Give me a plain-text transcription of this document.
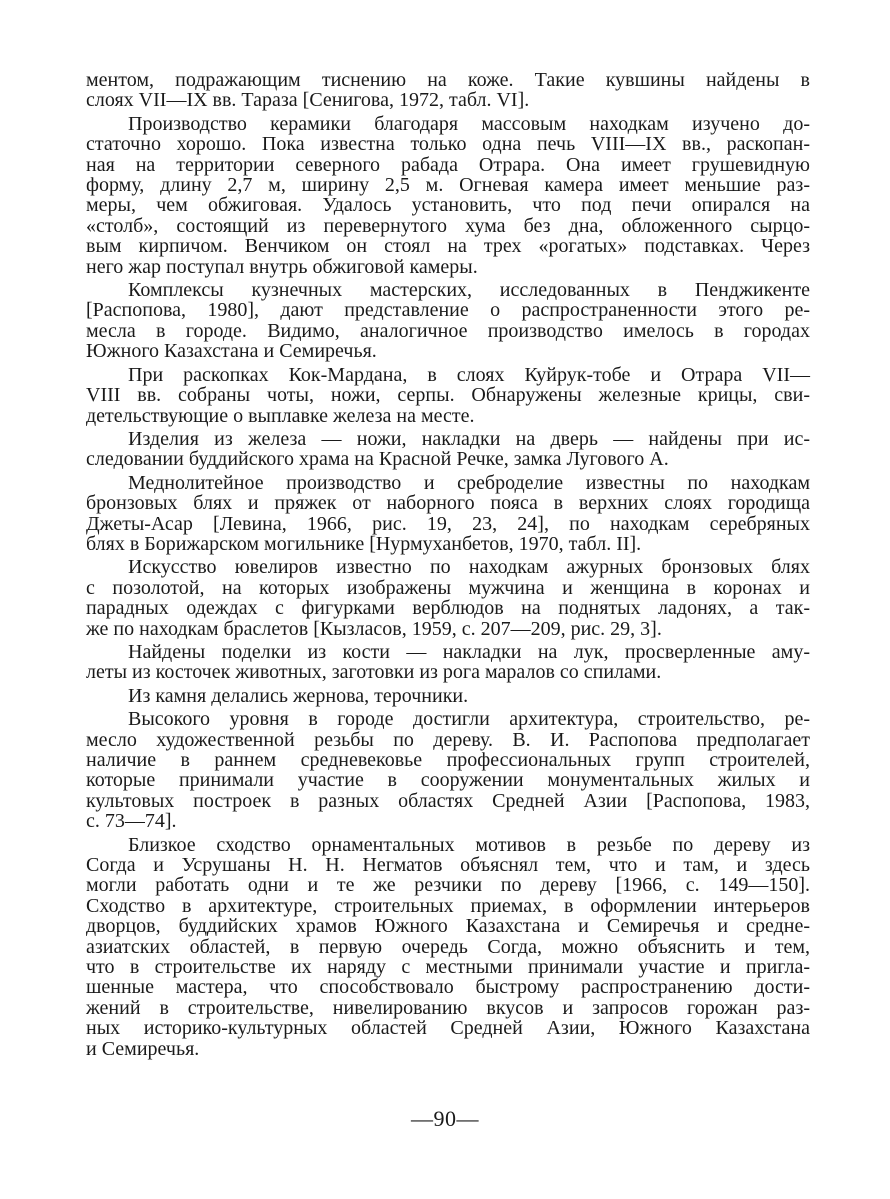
ментом, подражающим тиснению на коже. Такие кувшины найдены в
слоях VII—IX вв. Тараза [Сенигова, 1972, табл. VI].
Производство керамики благодаря массовым находкам изучено до-
статочно хорошо. Пока известна только одна печь VIII—IX вв., раскопан-
ная на территории северного рабада Отрара. Она имеет грушевидную
форму, длину 2,7 м, ширину 2,5 м. Огневая камера имеет меньшие раз-
меры, чем обжиговая. Удалось установить, что под печи опирался на
«столб», состоящий из перевернутого хума без дна, обложенного сырцо-
вым кирпичом. Венчиком он стоял на трех «рогатых» подставках. Через
него жар поступал внутрь обжиговой камеры.
Комплексы кузнечных мастерских, исследованных в Пенджикенте
[Распопова, 1980], дают представление о распространенности этого ре-
месла в городе. Видимо, аналогичное производство имелось в городах
Южного Казахстана и Семиречья.
При раскопках Кок-Мардана, в слоях Куйрук-тобе и Отрара VII—
VIII вв. собраны чоты, ножи, серпы. Обнаружены железные крицы, сви-
детельствующие о выплавке железа на месте.
Изделия из железа — ножи, накладки на дверь — найдены при ис-
следовании буддийского храма на Красной Речке, замка Лугового А.
Меднолитейное производство и среброделие известны по находкам
бронзовых блях и пряжек от наборного пояса в верхних слоях городища
Джеты-Асар [Левина, 1966, рис. 19, 23, 24], по находкам серебряных
блях в Борижарском могильнике [Нурмуханбетов, 1970, табл. II].
Искусство ювелиров известно по находкам ажурных бронзовых блях
с позолотой, на которых изображены мужчина и женщина в коронах и
парадных одеждах с фигурками верблюдов на поднятых ладонях, а так-
же по находкам браслетов [Кызласов, 1959, с. 207—209, рис. 29, 3].
Найдены поделки из кости — накладки на лук, просверленные аму-
леты из косточек животных, заготовки из рога маралов со спилами.
Из камня делались жернова, терочники.
Высокого уровня в городе достигли архитектура, строительство, ре-
месло художественной резьбы по дереву. В. И. Распопова предполагает
наличие в раннем средневековье профессиональных групп строителей,
которые принимали участие в сооружении монументальных жилых и
культовых построек в разных областях Средней Азии [Распопова, 1983,
с. 73—74].
Близкое сходство орнаментальных мотивов в резьбе по дереву из
Согда и Усрушаны Н. Н. Негматов объяснял тем, что и там, и здесь
могли работать одни и те же резчики по дереву [1966, с. 149—150].
Сходство в архитектуре, строительных приемах, в оформлении интерьеров
дворцов, буддийских храмов Южного Казахстана и Семиречья и средне-
азиатских областей, в первую очередь Согда, можно объяснить и тем,
что в строительстве их наряду с местными принимали участие и пригла-
шенные мастера, что способствовало быстрому распространению дости-
жений в строительстве, нивелированию вкусов и запросов горожан раз-
ных историко-культурных областей Средней Азии, Южного Казахстана
и Семиречья.
—90—
